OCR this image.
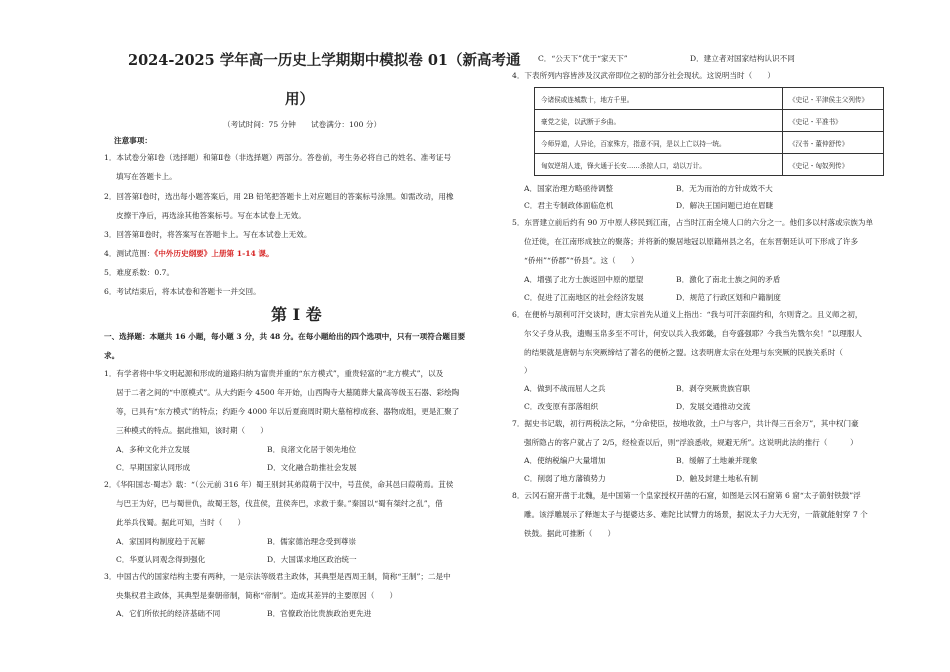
2024-2025 学年高一历史上学期期中模拟卷 01（新高考通
用）
（考试时间：75 分钟　　试卷满分：100 分）
注意事项：
1．本试卷分第Ⅰ卷（选择题）和第Ⅱ卷（非选择题）两部分。答卷前，考生务必将自己的姓名、准考证号
填写在答题卡上。
2．回答第Ⅰ卷时，选出每小题答案后，用 2B 铅笔把答题卡上对应题目的答案标号涂黑。如需改动，用橡
皮擦干净后，再选涂其他答案标号。写在本试卷上无效。
3．回答第Ⅱ卷时，将答案写在答题卡上。写在本试卷上无效。
4．测试范围：《中外历史纲要》上册第 1-14 课。
5．难度系数：0.7。
6．考试结束后，将本试卷和答题卡一并交回。
第 Ⅰ 卷
一、选择题：本题共 16 小题，每小题 3 分，共 48 分。在每小题给出的四个选项中，只有一项符合题目要
求。
1．有学者将中华文明起源和形成的道路归纳为富贵并重的“东方模式”，重贵轻富的“北方模式”，以及
居于二者之间的“中原模式”。从大约距今 4500 年开始，山西陶寺大墓随葬大量高等级玉石器、彩绘陶
等，已具有“东方模式”的特点；约距今 4000 年以后夏商周时期大墓棺椁成套、器物成组，更是汇聚了
三种模式的特点。据此推知，该时期（　　）
A．多种文化并立发展	B．良渚文化居于领先地位
C．早期国家认同形成	D．文化融合助推社会发展
2．《华阳国志·蜀志》载：“（公元前 316 年）蜀王别封其弟葭萌于汉中，号苴侯，命其邑曰葭萌焉。苴侯
与巴王为好，巴与蜀世仇，故蜀王怒，伐苴侯，苴侯奔巴，求救于秦。”秦国以“蜀有桀纣之乱”，借
此举兵伐蜀。据此可知，当时（　　）
A．家国同构制度趋于瓦解	B．儒家德治理念受到尊崇
C．华夏认同观念得到强化	D．大国谋求地区政治统一
3．中国古代的国家结构主要有两种，一是宗法等级君主政体，其典型是西周王制，简称“王制”；二是中
央集权君主政体，其典型是秦朝帝制，简称“帝制”。造成其差异的主要原因（　　）
A．它们所依托的经济基础不同	B．官僚政治比贵族政治更先进
C．“公天下”优于“家天下”	D．建立者对国家结构认识不同
4．下表所列内容皆涉及汉武帝即位之初的部分社会现状。这说明当时（　　）
今诸侯或连城数十，地方千里。	《史记・平津侯主父列传》
豪党之徒，以武断于乡曲。	《史记・平准书》
今师异道，人异论，百家殊方，指意不同，是以上亡以持一统。	《汉书・董仲舒传》
匈奴逆胡人迹，锋火通于长安……杀掠人口，动以万计。	《史记・匈奴列传》
A．国家治理方略亟待调整	B．无为而治的方针成效不大
C．君主专制政体面临危机	D．解决王国问题已迫在眉睫
5．东晋建立前后约有 90 万中原人移民到江南，占当时江南全境人口的六分之一。他们多以村落或宗族为单
位迁徙，在江南形成独立的聚落；并将新的聚居地冠以原籍州县之名，在东晋朝廷认可下形成了许多
“侨州”“侨郡”“侨县”。这（　　）
A．增强了北方士族返回中原的愿望	B．激化了南北士族之间的矛盾
C．促进了江南地区的社会经济发展	D．规范了行政区划和户籍制度
6．在便桥与颉利可汗交谈时，唐太宗首先从道义上指出：“我与可汗亲面约和，尔则背之。且义师之初，
尔父子身从我，遗赐玉帛多至不可计，何安以兵入我郊畿，自夸盛强耶？今我当先戮尔矣！”以理服人
的结果就是唐朝与东突厥缔结了著名的便桥之盟。这表明唐太宗在处理与东突厥的民族关系时（
）
A．做到不战而屈人之兵	B．剥夺突厥贵族官职
C．改变原有部落组织	D．发展交通推动交流
7．据史书记载，初行两税法之际，“分命使臣，按地收敛，土户与客户，共计得三百余万”，其中权门豪
强所隐占的客户就占了 2/5，经检查以后，则“浮浪悉收，规避无所”。这说明此法的推行（　　　）
A．使纳税编户大量增加	B．缓解了土地兼并现象
C．削弱了地方藩镇势力	D．触及封建土地私有制
8．云冈石窟开凿于北魏，是中国第一个皇家授权开凿的石窟，如图是云冈石窟第 6 窟“太子箭射铁鼓”浮
雕。该浮雕展示了释迦太子与提婆达多、难陀比试臂力的场景，据说太子力大无穷，一箭就能射穿 7 个
铁鼓。据此可推断（　　）
